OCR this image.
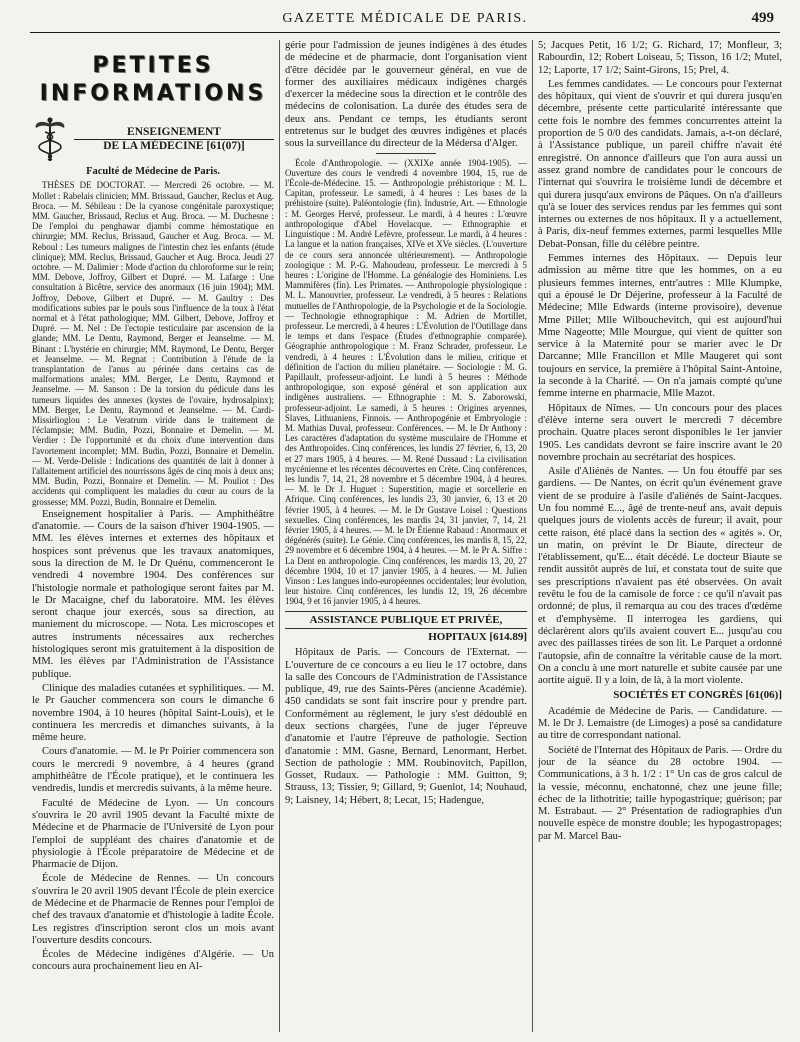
GAZETTE MÉDICALE DE PARIS.	499
PETITES
INFORMATIONS
ENSEIGNEMENT
DE LA MÉDECINE [61(07)]

Faculté de Médecine de Paris.

THÈSES DE DOCTORAT. — Mercredi 26 octobre. — M. Mollet : Rabelais clinicien; MM. Brissaud, Gaucher, Reclus et Aug. Broca. — M. Sébileau : De la cyanose congénitale paroxystique; MM. Gaucher, Brissaud, Reclus et Aug. Broca. — M. Duchesne : De l'emploi du penghawar djambi comme hémostatique en chirurgie; MM. Reclus, Brissaud, Gaucher et Aug. Broca. — M. Reboul : Les tumeurs malignes de l'intestin chez les enfants (étude clinique); MM. Reclus, Brissaud, Gaucher et Aug. Broca. Jeudi 27 octobre. — M. Dalimier : Mode d'action du chloroforme sur le rein; MM. Debove, Joffroy, Gilbert et Dupré. — M. Lafarge : Une consultation à Bicêtre, service des anormaux (16 juin 1904); MM. Joffroy, Debove, Gilbert et Dupré. — M. Gaultry : Des modifications subies par le pouls sous l'influence de la toux à l'état normal et à l'état pathologique; MM. Gilbert, Debove, Joffroy et Dupré. — M. Nel : De l'ectopie testiculaire par ascension de la glande; MM. Le Dentu, Raymond, Berger et Jeanselme. — M. Binant : L'hystérie en chirurgie; MM. Raymond, Le Dentu, Berger et Jeanselme. — M. Regnat : Contribution à l'étude de la transplantation de l'anus au périnée dans certains cas de malformations anales; MM. Berger, Le Dentu, Raymond et Jeanselme. — M. Sanson : De la torsion du pédicule dans les tumeurs liquides des annexes (kystes de l'ovaire, hydrosalpinx); MM. Berger, Le Dentu, Raymond et Jeanselme. — M. Cardi-Missirlioglou : Le Veratrum viride dans le traitement de l'éclampsie; MM. Budin, Pozzi, Bonnaire et Demelin. — M. Verdier : De l'opportunité et du choix d'une intervention dans l'avortement incomplet; MM. Budin, Pozzi, Bonnaire et Demelin. — M. Verde-Delisle : Indications des quantités de lait à donner à l'allaitement artificiel des nourrissons âgés de cinq mois à deux ans; MM. Budin, Pozzi, Bonnaire et Demelin. — M. Pouliot : Des accidents qui compliquent les maladies du cœur au cours de la grossesse; MM. Pozzi, Budin, Bonnaire et Demelin.

Enseignement hospitalier à Paris. — Amphithéâtre d'anatomie. — Cours de la saison d'hiver 1904-1905. — MM. les élèves internes et externes des hôpitaux et hospices sont prévenus que les travaux anatomiques, sous la direction de M. le Dr Quénu, commenceront le vendredi 4 novembre 1904. Des conférences sur l'histologie normale et pathologique seront faites par M. le Dr Macaigne, chef du laboratoire. MM. les élèves seront chaque jour exercés, sous sa direction, au maniement du microscope. — Nota. Les microscopes et autres instruments nécessaires aux recherches histologiques seront mis gratuitement à la disposition de MM. les élèves par l'Administration de l'Assistance publique.

Clinique des maladies cutanées et syphilitiques. — M. le Pr Gaucher commencera son cours le dimanche 6 novembre 1904, à 10 heures (hôpital Saint-Louis), et le continuera les mercredis et dimanches suivants, à la même heure.

Cours d'anatomie. — M. le Pr Poirier commencera son cours le mercredi 9 novembre, à 4 heures (grand amphithéâtre de l'École pratique), et le continuera les vendredis, lundis et mercredis suivants, à la même heure.

Faculté de Médecine de Lyon. — Un concours s'ouvrira le 20 avril 1905 devant la Faculté mixte de Médecine et de Pharmacie de l'Université de Lyon pour l'emploi de suppléant des chaires d'anatomie et de physiologie à l'École préparatoire de Médecine et de Pharmacie de Dijon.

École de Médecine de Rennes. — Un concours s'ouvrira le 20 avril 1905 devant l'École de plein exercice de Médecine et de Pharmacie de Rennes pour l'emploi de chef des travaux d'anatomie et d'histologie à ladite École. Les registres d'inscription seront clos un mois avant l'ouverture desdits concours.

Écoles de Médecine indigènes d'Algérie. — Un concours aura prochainement lieu en Al-

gérie pour l'admission de jeunes indigènes à des études de médecine et de pharmacie, dont l'organisation vient d'être décidée par le gouverneur général, en vue de former des auxiliaires médicaux indigènes chargés d'exercer la médecine sous la direction et le contrôle des médecins de colonisation. La durée des études sera de deux ans. Pendant ce temps, les étudiants seront entretenus sur le budget des œuvres indigènes et placés sous la surveillance du directeur de la Médersa d'Alger.

École d'Anthropologie. — (XXIXe année 1904-1905). — Ouverture des cours le vendredi 4 novembre 1904, 15, rue de l'École-de-Médecine. 15. — Anthropologie préhistorique : M. L. Capitan, professeur. Le samedi, à 4 heures : Les bases de la préhistoire (suite). Paléontologie (fin). Industrie, Art. — Ethnologie : M. Georges Hervé, professeur. Le mardi, à 4 heures : L'œuvre anthropologique d'Abel Hovelacque. — Ethnographie et Linguistique : M. André Lefèvre, professeur. Le mardi, à 4 heures : La langue et la nation françaises, XIVe et XVe siècles. (L'ouverture de ce cours sera annoncée ultérieurement). — Anthropologie zoologique : M. P.-G. Mahoudeau, professeur. Le mercredi à 5 heures : L'origine de l'Homme. La généalogie des Hominiens. Les Mammifères (fin). Les Primates. — Anthropologie physiologique : M. L. Manouvrier, professeur. Le vendredi, à 5 heures : Relations mutuelles de l'Anthropologie, de la Psychologie et de la Sociologie. — Technologie ethnographique : M. Adrien de Mortillet, professeur. Le mercredi, à 4 heures : L'Évolution de l'Outillage dans le temps et dans l'espace (Études d'ethnographie comparée). Géographie anthropologique : M. Franz Schrader, professeur. Le vendredi, à 4 heures : L'Évolution dans le milieu, critique et définition de l'action du milieu planétaire. — Sociologie : M. G. Papillault, professeur-adjoint. Le lundi à 5 heures : Méthode anthropologique, son exposé général et son application aux indigènes australiens. — Ethnographie : M. S. Zaborowski, professeur-adjoint. Le samedi, à 5 heures : Origines aryennes, Slaves, Lithuaniens, Finnois. — Anthropogénie et Embryologie : M. Mathias Duval, professeur. Conférences. — M. le Dr Anthony : Les caractères d'adaptation du système musculaire de l'Homme et des Anthropoïdes. Cinq conférences, les lundis 27 février, 6, 13, 20 et 27 mars 1905, à 4 heures. — M. René Dussaud : La civilisation mycénienne et les récentes découvertes en Crète. Cinq conférences, les lundis 7, 14, 21, 28 novembre et 5 décembre 1904, à 4 heures. — M. le Dr J. Huguet : Superstition, magie et sorcellerie en Afrique. Cinq conférences, les lundis 23, 30 janvier, 6, 13 et 20 février 1905, à 4 heures. — M. le Dr Gustave Loisel : Questions sexuelles. Cinq conférences, les mardis 24, 31 janvier, 7, 14, 21 février 1905, à 4 heures. — M. le Dr Étienne Rabaud : Anormaux et dégénérés (suite). Le Génie. Cinq conférences, les mardis 8, 15, 22, 29 novembre et 6 décembre 1904, à 4 heures. — M. le Pr A. Siffre : La Dent en anthropologie. Cinq conférences, les mardis 13, 20, 27 décembre 1904, 10 et 17 janvier 1905, à 4 heures. — M. Julien Vinson : Les langues indo-européennes occidentales; leur évolution, leur histoire. Cinq conférences, les lundis 12, 19, 26 décembre 1904, 9 et 16 janvier 1905, à 4 heures.

ASSISTANCE PUBLIQUE ET PRIVÉE,

HOPITAUX [614.89]

Hôpitaux de Paris. — Concours de l'Externat. — L'ouverture de ce concours a eu lieu le 17 octobre, dans la salle des Concours de l'Administration de l'Assistance publique, 49, rue des Saints-Pères (ancienne Académie). 450 candidats se sont fait inscrire pour y prendre part. Conformément au règlement, le jury s'est dédoublé en deux sections chargées, l'une de juger l'épreuve d'anatomie et l'autre l'épreuve de pathologie. Section d'anatomie : MM. Gasne, Bernard, Lenormant, Herbet. Section de pathologie : MM. Roubinovitch, Papillon, Gosset, Rudaux. — Pathologie : MM. Guitton, 9; Strauss, 13; Tissier, 9; Gillard, 9; Guenlot, 14; Nouhaud, 9; Laisney, 14; Hébert, 8; Lecat, 15; Hadengue,

5; Jacques Petit, 16 1/2; G. Richard, 17; Monfleur, 3; Rabourdin, 12; Robert Loiseau, 5; Tisson, 16 1/2; Mutel, 12; Laporte, 17 1/2; Saint-Girons, 15; Prel, 4.

Les femmes candidates. — Le concours pour l'externat des hôpitaux, qui vient de s'ouvrir et qui durera jusqu'en décembre, présente cette particularité intéressante que cette fois le nombre des femmes concurrentes atteint la proportion de 5 0/0 des candidats. Jamais, a-t-on déclaré, à l'Assistance publique, un pareil chiffre n'avait été enregistré. On annonce d'ailleurs que l'on aura aussi un assez grand nombre de candidates pour le concours de l'internat qui s'ouvrira le troisième lundi de décembre et qui durera jusqu'aux environs de Pâques. On n'a d'ailleurs qu'à se louer des services rendus par les femmes qui sont internes ou externes de nos hôpitaux. Il y a actuellement, à Paris, dix-neuf femmes externes, parmi lesquelles Mlle Debat-Ponsan, fille du célèbre peintre.

Femmes internes des Hôpitaux. — Depuis leur admission au même titre que les hommes, on a eu plusieurs femmes internes, entr'autres : Mlle Klumpke, qui a épousé le Dr Déjerine, professeur à la Faculté de Médecine; Mlle Edwards (interne provisoire), devenue Mme Pillet; Mlle Wilbouchevitch, qui est aujourd'hui Mme Nageotte; Mlle Mourgue, qui vient de quitter son service à la Maternité pour se marier avec le Dr Darcanne; Mlle Francillon et Mlle Maugeret qui sont toujours en service, la première à l'hôpital Saint-Antoine, la seconde à la Charité. — On n'a jamais compté qu'une femme interne en pharmacie, Mlle Mazot.

Hôpitaux de Nîmes. — Un concours pour des places d'élève interne sera ouvert le mercredi 7 décembre prochain. Quatre places seront disponibles le 1er janvier 1905. Les candidats devront se faire inscrire avant le 20 novembre prochain au secrétariat des hospices.

Asile d'Aliénés de Nantes. — Un fou étouffé par ses gardiens. — De Nantes, on écrit qu'un événement grave vient de se produire à l'asile d'aliénés de Saint-Jacques. Un fou nommé E..., âgé de trente-neuf ans, avait depuis quelques jours de violents accès de fureur; il avait, pour cette raison, été placé dans la section des « agités ». Or, un matin, on prévint le Dr Biaute, directeur de l'établissement, qu'E... était décédé. Le docteur Biaute se rendit aussitôt auprès de lui, et constata tout de suite que ses prescriptions n'avaient pas été observées. On avait revêtu le fou de la camisole de force : ce qu'il n'avait pas ordonné; de plus, il remarqua au cou des traces d'œdème et d'emphysème. Il interrogea les gardiens, qui déclarèrent alors qu'ils avaient couvert E... jusqu'au cou avec des paillasses tirées de son lit. Le Parquet a ordonné l'autopsie, afin de connaître la véritable cause de la mort. On a conclu à une mort naturelle et subite causée par une aortite aiguë. Il y a loin, de là, à la mort violente.

SOCIÉTÉS ET CONGRÈS [61(06)]

Académie de Médecine de Paris. — Candidature. — M. le Dr J. Lemaistre (de Limoges) a posé sa candidature au titre de correspondant national.

Société de l'Internat des Hôpitaux de Paris. — Ordre du jour de la séance du 28 octobre 1904. — Communications, à 3 h. 1/2 : 1° Un cas de gros calcul de la vessie, méconnu, enchatonné, chez une jeune fille; échec de la lithotritie; taille hypogastrique; guérison; par M. Estrabaut. — 2° Présentation de radiographies d'un nouvelle espèce de monstre double; les hypogastropages; par M. Marcel Bau-
